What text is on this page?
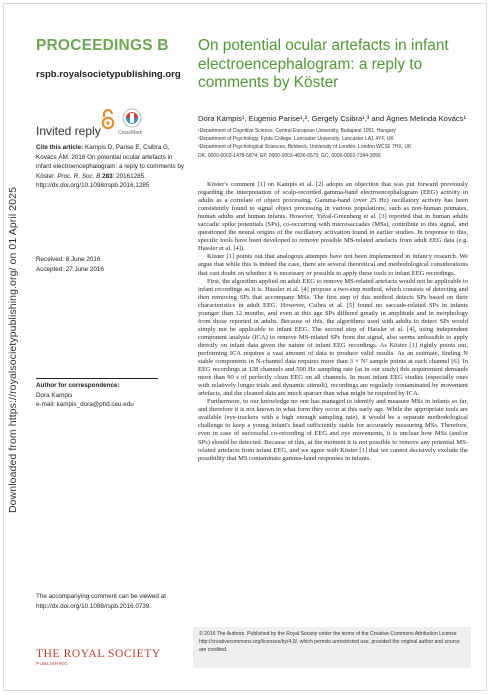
Downloaded from https://royalsocietypublishing.org/ on 01 April 2025
PROCEEDINGS B
rspb.royalsocietypublishing.org
Invited reply	CrossMark
Cite this article: Kampis D, Parise E, Csibra G, Kovács ÁM. 2016 On potential ocular artefacts in infant electroencephalogram: a reply to comments by Köster. Proc. R. Soc. B 283: 20161285.
http://dx.doi.org/10.1098/rspb.2016.1285
Received: 8 June 2016
Accepted: 27 June 2016
Author for correspondence:
Dora Kampis
e-mail: kampis_dora@phd.ceu.edu
The accompanying comment can be viewed at
http://dx.doi.org/10.1098/rspb.2016.0739.
THE ROYAL SOCIETY
PUBLISHING
On potential ocular artefacts in infant electroencephalogram: a reply to comments by Köster
Dora Kampis¹, Eugenio Parise¹,², Gergely Csibra¹,³ and Ágnes Melinda Kovács¹
¹Department of Cognitive Science, Central European University, Budapest 1051, Hungary
²Department of Psychology, Fylde College, Lancaster University, Lancaster LA1 4YF, UK
³Department of Psychological Sciences, Birkbeck, University of London, London WC1E 7HX, UK
DK, 0000-0003-1478-5874; EP, 0000-0003-4836-6570; GC, 0000-0002-7344-3056

Köster's comment [1] on Kampis et al. [2] adopts an objection that was put forward previously regarding the interpretation of scalp-recorded gamma-band electroencephalogram (EEG) activity in adults as a correlate of object processing. Gamma-band (over 25 Hz) oscillatory activity has been consistently found to signal object processing in various populations, such as non-human primates, human adults and human infants. However, Yuval-Greenberg et al. [3] reported that in human adults saccadic spike potentials (SPs), co-occurring with microsaccades (MSs), contribute to this signal, and questioned the neural origins of the oscillatory activation found in earlier studies. In response to this, specific tools have been developed to remove possible MS-related artefacts from adult EEG data (e.g. Hassler et al. [4]).

Köster [1] points out that analogous attempts have not been implemented in infancy research. We argue that while this is indeed the case, there are several theoretical and methodological considerations that cast doubt on whether it is necessary or possible to apply these tools to infant EEG recordings.

First, the algorithm applied on adult EEG to remove MS-related artefacts would not be applicable to infant recordings as it is. Hassler et al. [4] propose a two-step method, which consists of detecting and then removing SPs that accompany MSs. The first step of this method detects SPs based on their characteristics in adult EEG. However, Csibra et al. [5] found no saccade-related SPs in infants younger than 12 months, and even at this age SPs differed greatly in amplitude and in morphology from those reported in adults. Because of this, the algorithms used with adults to detect SPs would simply not be applicable to infant EEG. The second step of Hassler et al. [4], using independent component analysis (ICA) to remove MS-related SPs from the signal, also seems unfeasible to apply directly on infant data given the nature of infant EEG recordings. As Köster [1] rightly points out, performing ICA requires a vast amount of data to produce valid results. As an estimate, finding N stable components in N-channel data requires more than 3 × N² sample points at each channel [6]. In EEG recordings at 128 channels and 500 Hz sampling rate (as in our study) this requirement demands more than 90 s of perfectly clean EEG on all channels. In most infant EEG studies (especially ones with relatively longer trials and dynamic stimuli), recordings are regularly contaminated by movement artefacts, and the cleaned data are much sparser than what might be required by ICA.

Furthermore, to our knowledge no one has managed to identify and measure MSs in infants so far, and therefore it is not known in what form they occur at this early age. While the appropriate tools are available (eye-trackers with a high enough sampling rate), it would be a separate methodological challenge to keep a young infant's head sufficiently stable for accurately measuring MSs. Therefore, even in case of successful co-recording of EEG and eye movements, it is unclear how MSs (and/or SPs) should be detected. Because of this, at the moment it is not possible to remove any potential MS-related artefacts from infant EEG, and we agree with Köster [1] that we cannot decisively exclude the possibility that MS contaminate gamma-band responses in infants.

© 2016 The Authors. Published by the Royal Society under the terms of the Creative Commons Attribution License http://creativecommons.org/licenses/by/4.0/, which permits unrestricted use, provided the original author and source are credited.
